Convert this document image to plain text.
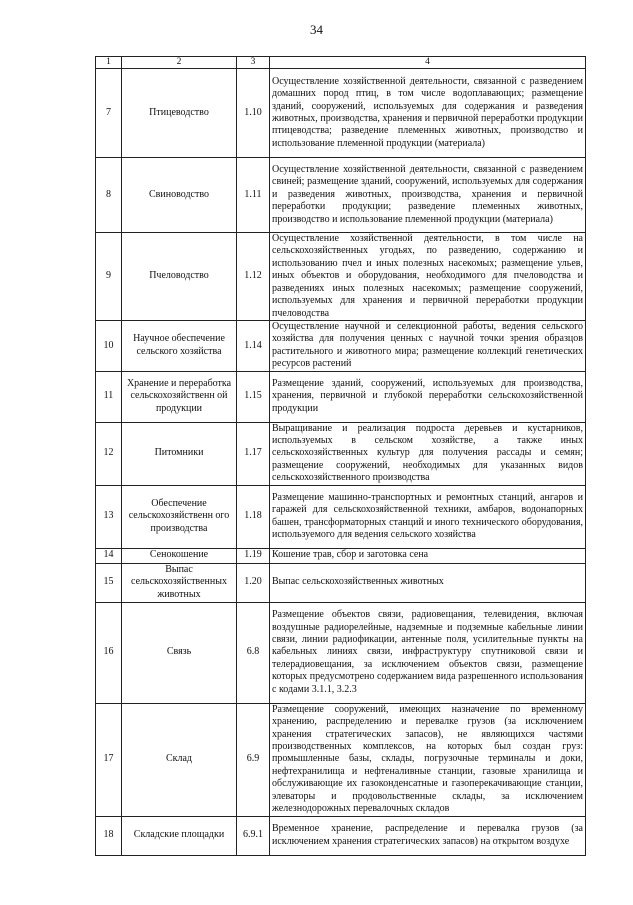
34
1	2	3	4
7	Птицеводство	1.10	Осуществление хозяйственной деятельности, связанной с разведением домашних пород птиц, в том числе водоплавающих; размещение зданий, сооружений, используемых для содержания и разведения животных, производства, хранения и первичной переработки продукции птицеводства; разведение племенных животных, производство и использование племенной продукции (материала)
8	Свиноводство	1.11	Осуществление хозяйственной деятельности, связанной с разведением свиней; размещение зданий, сооружений, используемых для содержания и разведения животных, производства, хранения и первичной переработки продукции; разведение племенных животных, производство и использование племенной продукции (материала)
9	Пчеловодство	1.12	Осуществление хозяйственной деятельности, в том числе на сельскохозяйственных угодьях, по разведению, содержанию и использованию пчел и иных полезных насекомых; размещение ульев, иных объектов и оборудования, необходимого для пчеловодства и разведениях иных полезных насекомых; размещение сооружений, используемых для хранения и первичной переработки продукции пчеловодства
10	Научное обеспечение сельского хозяйства	1.14	Осуществление научной и селекционной работы, ведения сельского хозяйства для получения ценных с научной точки зрения образцов растительного и животного мира; размещение коллекций генетических ресурсов растений
11	Хранение и переработка сельскохозяйственн ой продукции	1.15	Размещение зданий, сооружений, используемых для производства, хранения, первичной и глубокой переработки сельскохозяйственной продукции
12	Питомники	1.17	Выращивание и реализация подроста деревьев и кустарников, используемых в сельском хозяйстве, а также иных сельскохозяйственных культур для получения рассады и семян; размещение сооружений, необходимых для указанных видов сельскохозяйственного производства
13	Обеспечение сельскохозяйственн ого производства	1.18	Размещение машинно-транспортных и ремонтных станций, ангаров и гаражей для сельскохозяйственной техники, амбаров, водонапорных башен, трансформаторных станций и иного технического оборудования, используемого для ведения сельского хозяйства
14	Сенокошение	1.19	Кошение трав, сбор и заготовка сена
15	Выпас сельскохозяйственных животных	1.20	Выпас сельскохозяйственных животных
16	Связь	6.8	Размещение объектов связи, радиовещания, телевидения, включая воздушные радиорелейные, надземные и подземные кабельные линии связи, линии радиофикации, антенные поля, усилительные пункты на кабельных линиях связи, инфраструктуру спутниковой связи и телерадиовещания, за исключением объектов связи, размещение которых предусмотрено содержанием вида разрешенного использования с кодами 3.1.1, 3.2.3
17	Склад	6.9	Размещение сооружений, имеющих назначение по временному хранению, распределению и перевалке грузов (за исключением хранения стратегических запасов), не являющихся частями производственных комплексов, на которых был создан груз: промышленные базы, склады, погрузочные терминалы и доки, нефтехранилища и нефтеналивные станции, газовые хранилища и обслуживающие их газоконденсатные и газоперекачивающие станции, элеваторы и продовольственные склады, за исключением железнодорожных перевалочных складов
18	Складские площадки	6.9.1	Временное хранение, распределение и перевалка грузов (за исключением хранения стратегических запасов) на открытом воздухе
